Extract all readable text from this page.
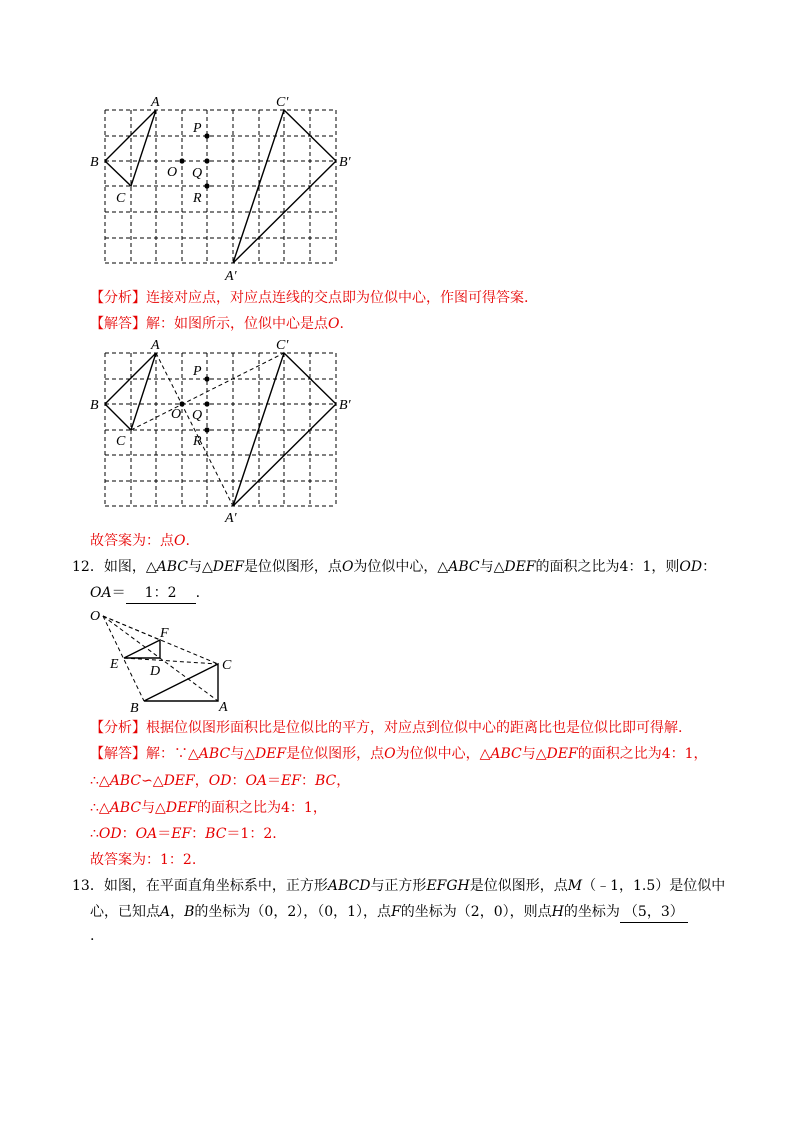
A
B
C
C′
B′
A′
O
P
Q
R
【分析】连接对应点，对应点连线的交点即为位似中心，作图可得答案.
【解答】解：如图所示，位似中心是点O.
A
B
C
C′
B′
A′
O
P
Q
R
故答案为：点O.
12．如图，△ABC与△DEF是位似图形，点O为位似中心，△ABC与△DEF的面积之比为4：1，则OD：
OA＝ 1：2 .
O
F
E D	C
B	A
【分析】根据位似图形面积比是位似比的平方，对应点到位似中心的距离比也是位似比即可得解.
【解答】解：∵△ABC与△DEF是位似图形，点O为位似中心，△ABC与△DEF的面积之比为4：1，
∴△ABC∽△DEF，OD：OA＝EF：BC，
∴△ABC与△DEF的面积之比为4：1，
∴OD：OA＝EF：BC＝1：2.
故答案为：1：2.
13．如图，在平面直角坐标系中，正方形ABCD与正方形EFGH是位似图形，点M（﹣1，1.5）是位似中
心，已知点A，B的坐标为（0，2），（0，1），点F的坐标为（2，0），则点H的坐标为 （5，3）
.
